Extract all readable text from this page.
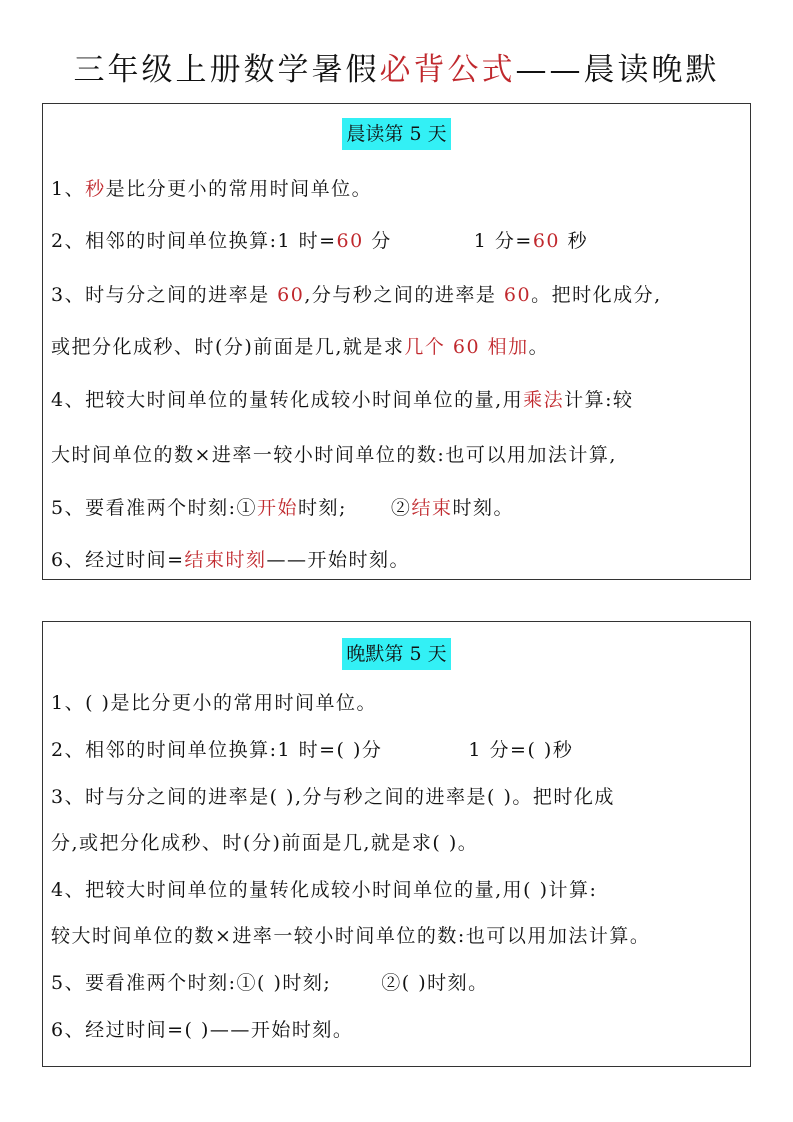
三年级上册数学暑假必背公式——晨读晚默
晨读第 5 天
1、秒是比分更小的常用时间单位。
2、相邻的时间单位换算:1 时=60 分	1 分=60 秒
3、时与分之间的进率是 60,分与秒之间的进率是 60。把时化成分,
或把分化成秒、时(分)前面是几,就是求几个 60 相加。
4、把较大时间单位的量转化成较小时间单位的量,用乘法计算:较
大时间单位的数×进率一较小时间单位的数:也可以用加法计算,
5、要看准两个时刻:①开始时刻; ②结束时刻。
6、经过时间=结束时刻——开始时刻。
晚默第 5 天
1、( )是比分更小的常用时间单位。
2、相邻的时间单位换算:1 时=( )分	1 分=( )秒
3、时与分之间的进率是( ),分与秒之间的进率是( )。把时化成
分,或把分化成秒、时(分)前面是几,就是求( )。
4、把较大时间单位的量转化成较小时间单位的量,用( )计算:
较大时间单位的数×进率一较小时间单位的数:也可以用加法计算。
5、要看准两个时刻:①( )时刻;	②( )时刻。
6、经过时间=( )——开始时刻。
